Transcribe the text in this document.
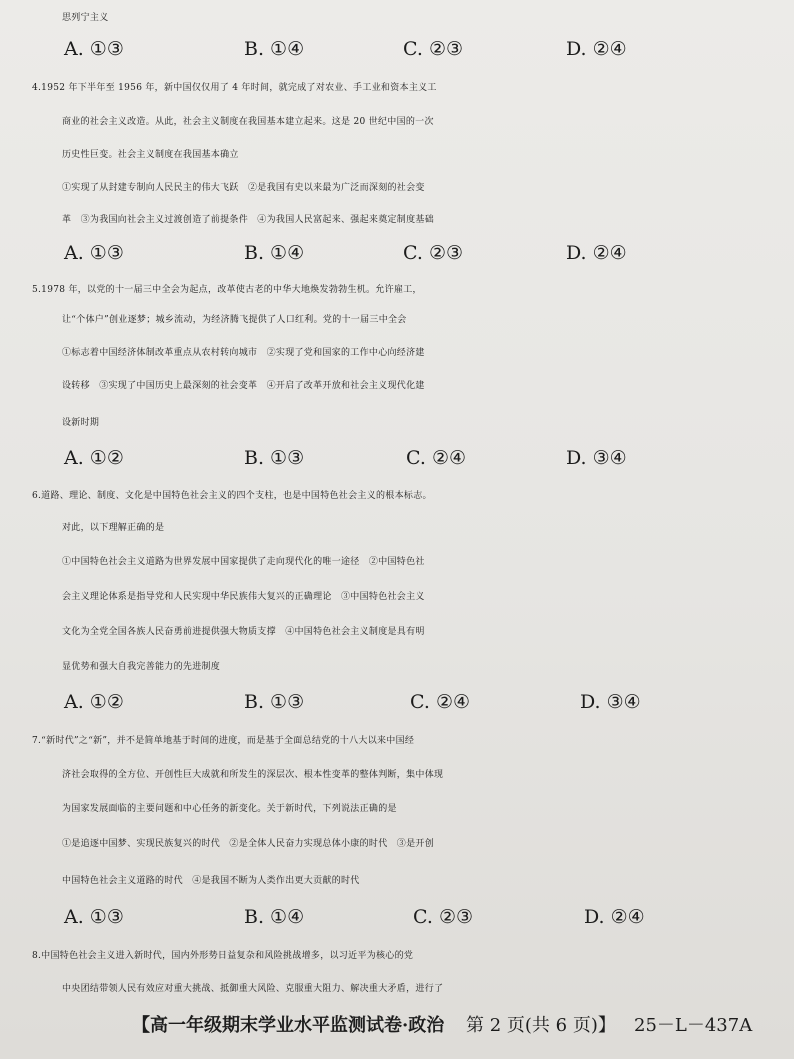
思列宁主义
A. ①③	B. ①④	C. ②③	D. ②④
4.1952 年下半年至 1956 年，新中国仅仅用了 4 年时间，就完成了对农业、手工业和资本主义工
商业的社会主义改造。从此，社会主义制度在我国基本建立起来。这是 20 世纪中国的一次
历史性巨变。社会主义制度在我国基本确立
①实现了从封建专制向人民民主的伟大飞跃　②是我国有史以来最为广泛而深刻的社会变
革　③为我国向社会主义过渡创造了前提条件　④为我国人民富起来、强起来奠定制度基础
A. ①③	B. ①④	C. ②③	D. ②④
5.1978 年，以党的十一届三中全会为起点，改革使古老的中华大地焕发勃勃生机。允许雇工，
让“个体户”创业逐梦；城乡流动，为经济腾飞提供了人口红利。党的十一届三中全会
①标志着中国经济体制改革重点从农村转向城市　②实现了党和国家的工作中心向经济建
设转移　③实现了中国历史上最深刻的社会变革　④开启了改革开放和社会主义现代化建
设新时期
A. ①②	B. ①③	C. ②④	D. ③④
6.道路、理论、制度、文化是中国特色社会主义的四个支柱，也是中国特色社会主义的根本标志。
对此，以下理解正确的是
①中国特色社会主义道路为世界发展中国家提供了走向现代化的唯一途径　②中国特色社
会主义理论体系是指导党和人民实现中华民族伟大复兴的正确理论　③中国特色社会主义
文化为全党全国各族人民奋勇前进提供强大物质支撑　④中国特色社会主义制度是具有明
显优势和强大自我完善能力的先进制度
A. ①②	B. ①③	C. ②④	D. ③④
7.“新时代”之“新”，并不是简单地基于时间的进度，而是基于全面总结党的十八大以来中国经
济社会取得的全方位、开创性巨大成就和所发生的深层次、根本性变革的整体判断，集中体现
为国家发展面临的主要问题和中心任务的新变化。关于新时代，下列说法正确的是
①是追逐中国梦、实现民族复兴的时代　②是全体人民奋力实现总体小康的时代　③是开创
中国特色社会主义道路的时代　④是我国不断为人类作出更大贡献的时代
A. ①③	B. ①④	C. ②③	D. ②④
8.中国特色社会主义进入新时代，国内外形势日益复杂和风险挑战增多，以习近平为核心的党
中央团结带领人民有效应对重大挑战、抵御重大风险、克服重大阻力、解决重大矛盾，进行了
【高一年级期末学业水平监测试卷·政治 第 2 页(共 6 页)】 25－L－437A
